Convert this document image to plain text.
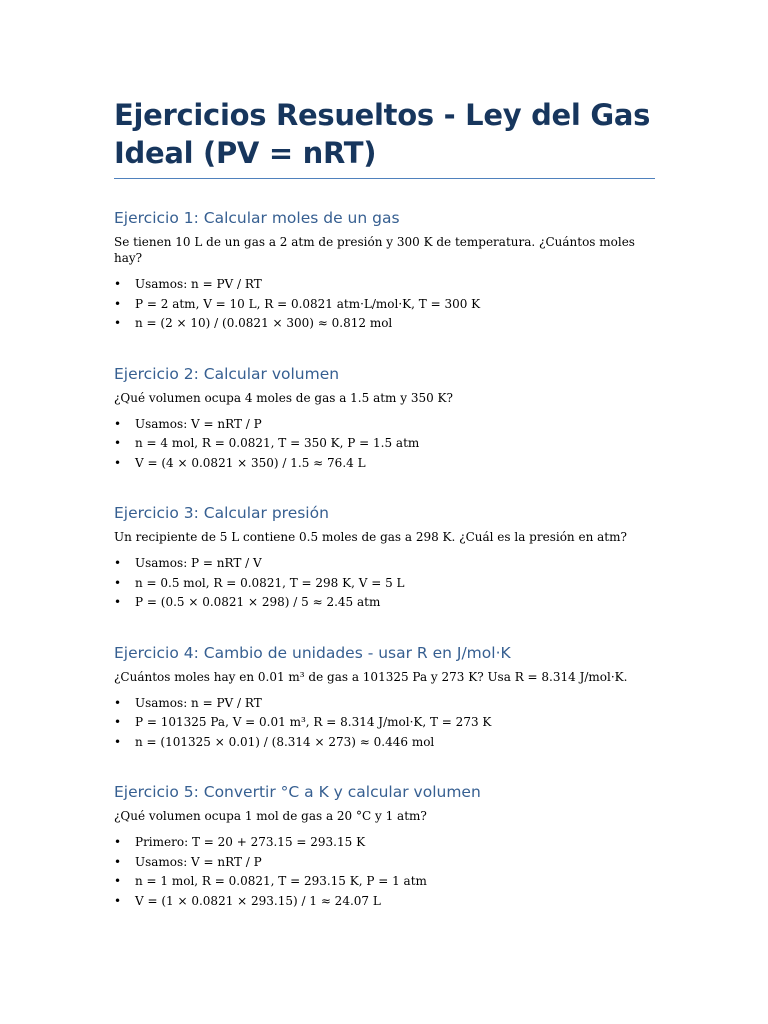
Ejercicios Resueltos - Ley del Gas Ideal (PV = nRT)
Ejercicio 1: Calcular moles de un gas

Se tienen 10 L de un gas a 2 atm de presión y 300 K de temperatura. ¿Cuántos moles hay?

• Usamos: n = PV / RT
• P = 2 atm, V = 10 L, R = 0.0821 atm·L/mol·K, T = 300 K
• n = (2 × 10) / (0.0821 × 300) ≈ 0.812 mol
Ejercicio 2: Calcular volumen

¿Qué volumen ocupa 4 moles de gas a 1.5 atm y 350 K?

• Usamos: V = nRT / P
• n = 4 mol, R = 0.0821, T = 350 K, P = 1.5 atm
• V = (4 × 0.0821 × 350) / 1.5 ≈ 76.4 L
Ejercicio 3: Calcular presión

Un recipiente de 5 L contiene 0.5 moles de gas a 298 K. ¿Cuál es la presión en atm?

• Usamos: P = nRT / V
• n = 0.5 mol, R = 0.0821, T = 298 K, V = 5 L
• P = (0.5 × 0.0821 × 298) / 5 ≈ 2.45 atm
Ejercicio 4: Cambio de unidades - usar R en J/mol·K

¿Cuántos moles hay en 0.01 m³ de gas a 101325 Pa y 273 K? Usa R = 8.314 J/mol·K.

• Usamos: n = PV / RT
• P = 101325 Pa, V = 0.01 m³, R = 8.314 J/mol·K, T = 273 K
• n = (101325 × 0.01) / (8.314 × 273) ≈ 0.446 mol
Ejercicio 5: Convertir °C a K y calcular volumen

¿Qué volumen ocupa 1 mol de gas a 20 °C y 1 atm?

• Primero: T = 20 + 273.15 = 293.15 K
• Usamos: V = nRT / P
• n = 1 mol, R = 0.0821, T = 293.15 K, P = 1 atm
• V = (1 × 0.0821 × 293.15) / 1 ≈ 24.07 L
